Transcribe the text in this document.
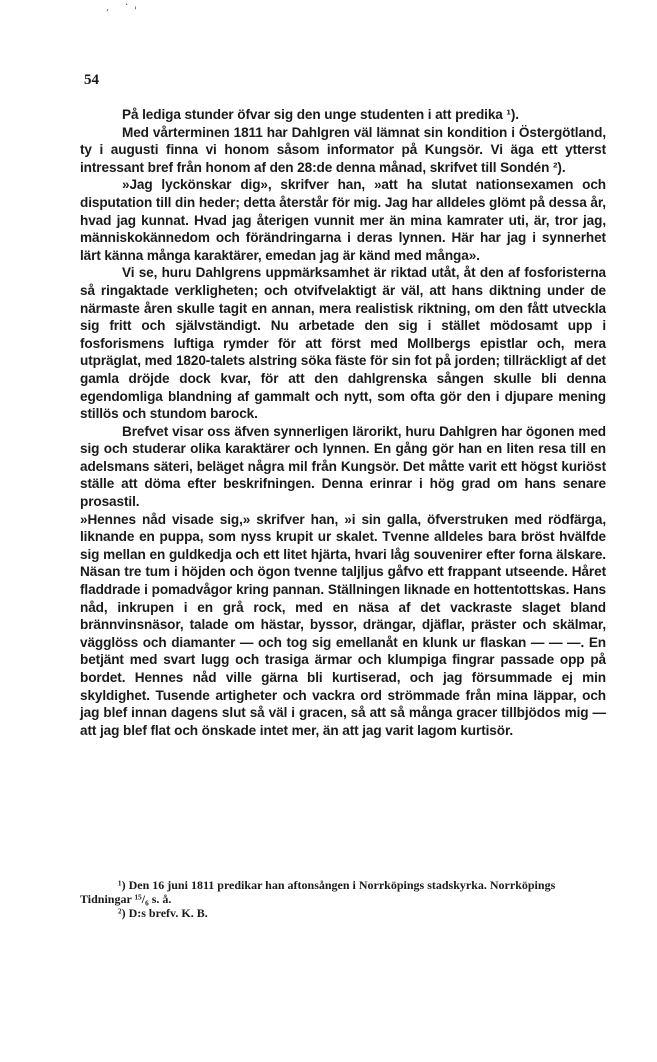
‚ ·
'
54

På lediga stunder öfvar sig den unge studenten i att predika ¹).

Med vårterminen 1811 har Dahlgren väl lämnat sin kondition i Östergötland, ty i augusti finna vi honom såsom informator på Kungsör. Vi äga ett ytterst intressant bref från honom af den 28:de denna månad, skrifvet till Sondén ²).

»Jag lyckönskar dig», skrifver han, »att ha slutat nationsexamen och disputation till din heder; detta återstår för mig. Jag har alldeles glömt på dessa år, hvad jag kunnat. Hvad jag återigen vunnit mer än mina kamrater uti, är, tror jag, människokännedom och förändringarna i deras lynnen. Här har jag i synnerhet lärt känna många karaktärer, emedan jag är känd med många».

Vi se, huru Dahlgrens uppmärksamhet är riktad utåt, åt den af fosforisterna så ringaktade verkligheten; och otvifvelaktigt är väl, att hans diktning under de närmaste åren skulle tagit en annan, mera realistisk riktning, om den fått utveckla sig fritt och självständigt. Nu arbetade den sig i stället mödosamt upp i fosforismens luftiga rymder för att först med Mollbergs epistlar och, mera utpräglat, med 1820-talets alstring söka fäste för sin fot på jorden; tillräckligt af det gamla dröjde dock kvar, för att den dahlgrenska sången skulle bli denna egendomliga blandning af gammalt och nytt, som ofta gör den i djupare mening stillös och stundom barock.

Brefvet visar oss äfven synnerligen lärorikt, huru Dahlgren har ögonen med sig och studerar olika karaktärer och lynnen. En gång gör han en liten resa till en adelsmans säteri, beläget några mil från Kungsör. Det måtte varit ett högst kuriöst ställe att döma efter beskrifningen. Denna erinrar i hög grad om hans senare prosastil.

»Hennes nåd visade sig,» skrifver han, »i sin galla, öfverstruken med rödfärga, liknande en puppa, som nyss krupit ur skalet. Tvenne alldeles bara bröst hvälfde sig mellan en guldkedja och ett litet hjärta, hvari låg souvenirer efter forna älskare. Näsan tre tum i höjden och ögon tvenne taljljus gåfvo ett frappant utseende. Håret fladdrade i pomadvågor kring pannan. Ställningen liknade en hottentottskas. Hans nåd, inkrupen i en grå rock, med en näsa af det vackraste slaget bland brännvinsnäsor, talade om hästar, byssor, drängar, djäflar, präster och skälmar, vägglöss och diamanter — och tog sig emellanåt en klunk ur flaskan — — —. En betjänt med svart lugg och trasiga ärmar och klumpiga fingrar passade opp på bordet. Hennes nåd ville gärna bli kurtiserad, och jag försummade ej min skyldighet. Tusende artigheter och vackra ord strömmade från mina läppar, och jag blef innan dagens slut så väl i gracen, så att så många gracer tillbjödos mig — att jag blef flat och önskade intet mer, än att jag varit lagom kurtisör.

¹) Den 16 juni 1811 predikar han aftonsången i Norrköpings stadskyrka. Norrköpings Tidningar ¹⁵/₆ s. å.

²) D:s brefv. K. B.
